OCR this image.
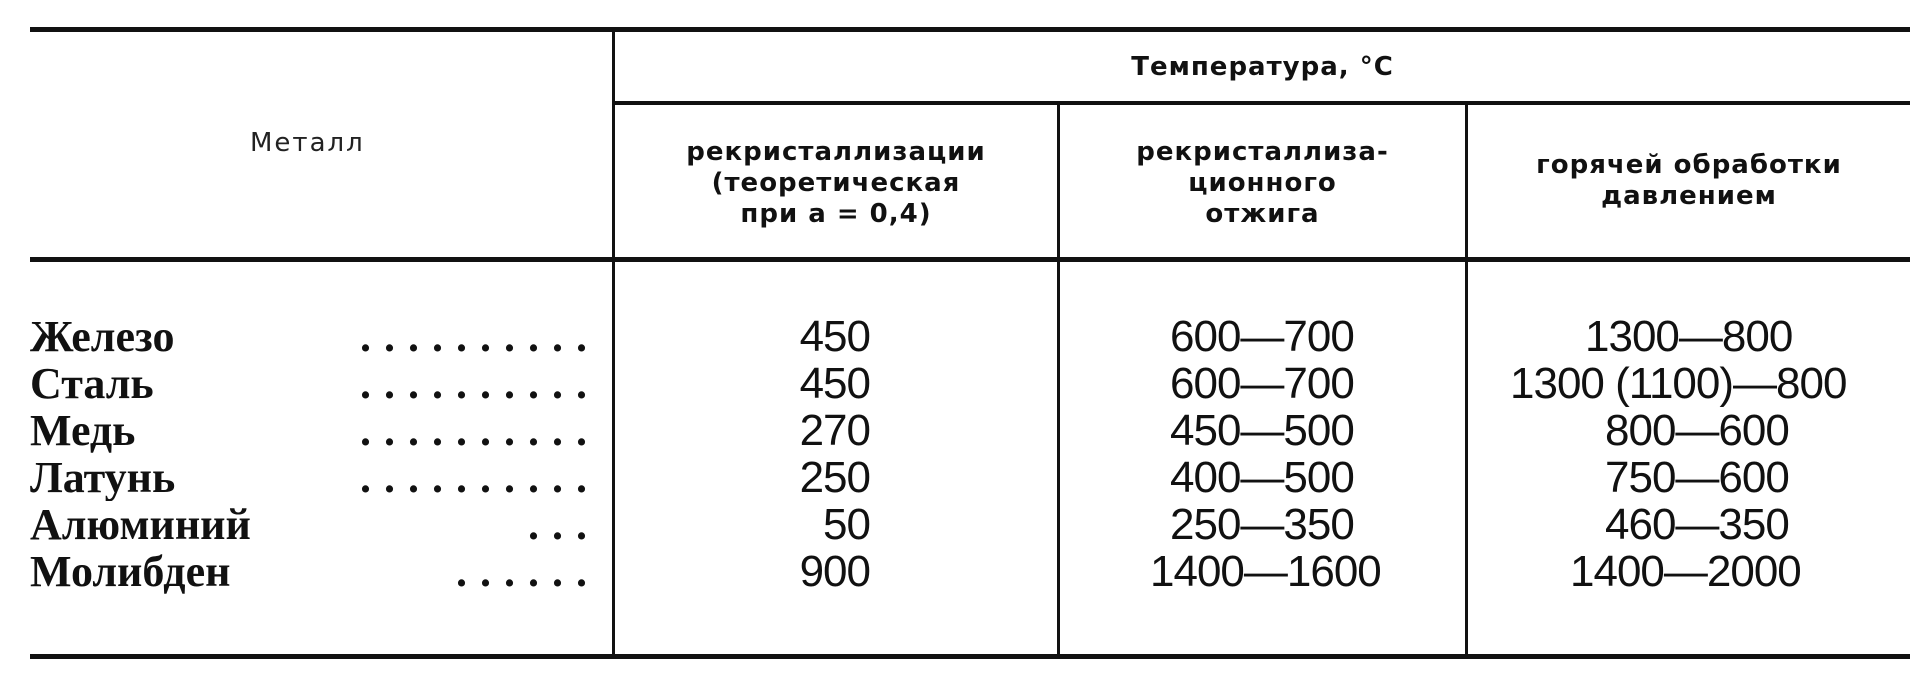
Металл
Температура, °С
рекристаллизации
(теоретическая
при a = 0,4)
рекристаллиза-
ционного
отжига
горячей обработки
давлением
Железо	..........	450	600—700	1300—800
Сталь	..........	450	600—700	1300 (1100)—800
Медь	..........	270	450—500	800—600
Латунь	..........	250	400—500	750—600
Алюминий	...	50	250—350	460—350
Молибден	......	900	1400—1600	1400—2000
